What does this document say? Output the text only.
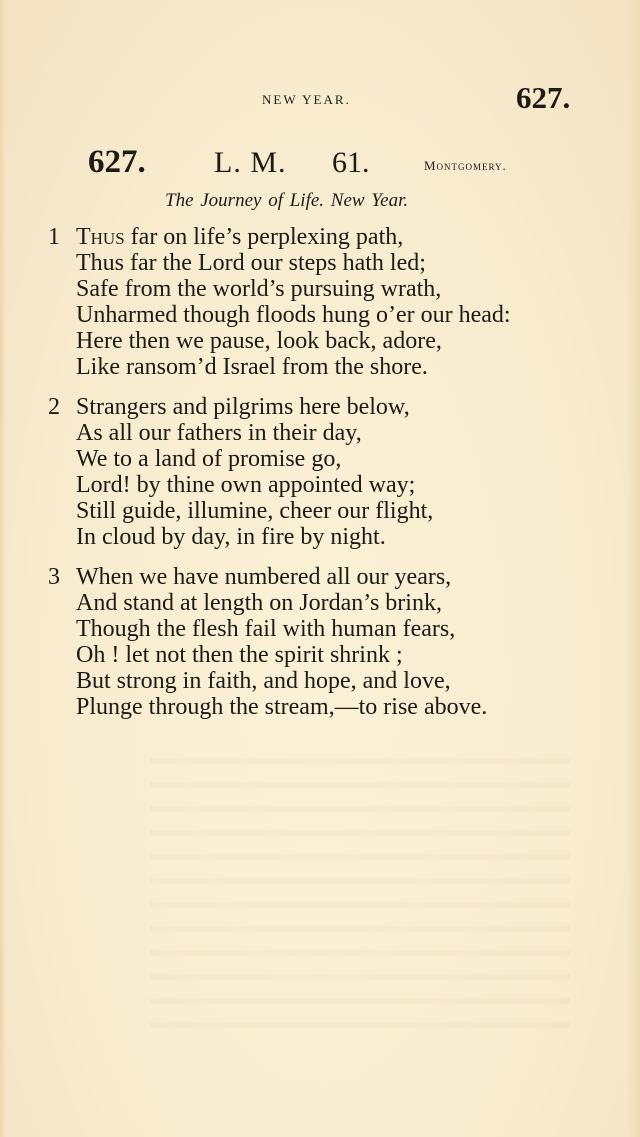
NEW YEAR.	627.
627. L. M. 61.	Montgomery.
The Journey of Life. New Year.
1 Thus far on life’s perplexing path,
Thus far the Lord our steps hath led;
Safe from the world’s pursuing wrath,
Unharmed though floods hung o’er our head:
Here then we pause, look back, adore,
Like ransom’d Israel from the shore.
2 Strangers and pilgrims here below,
As all our fathers in their day,
We to a land of promise go,
Lord! by thine own appointed way;
Still guide, illumine, cheer our flight,
In cloud by day, in fire by night.
3 When we have numbered all our years,
And stand at length on Jordan’s brink,
Though the flesh fail with human fears,
Oh ! let not then the spirit shrink ;
But strong in faith, and hope, and love,
Plunge through the stream,—to rise above.
